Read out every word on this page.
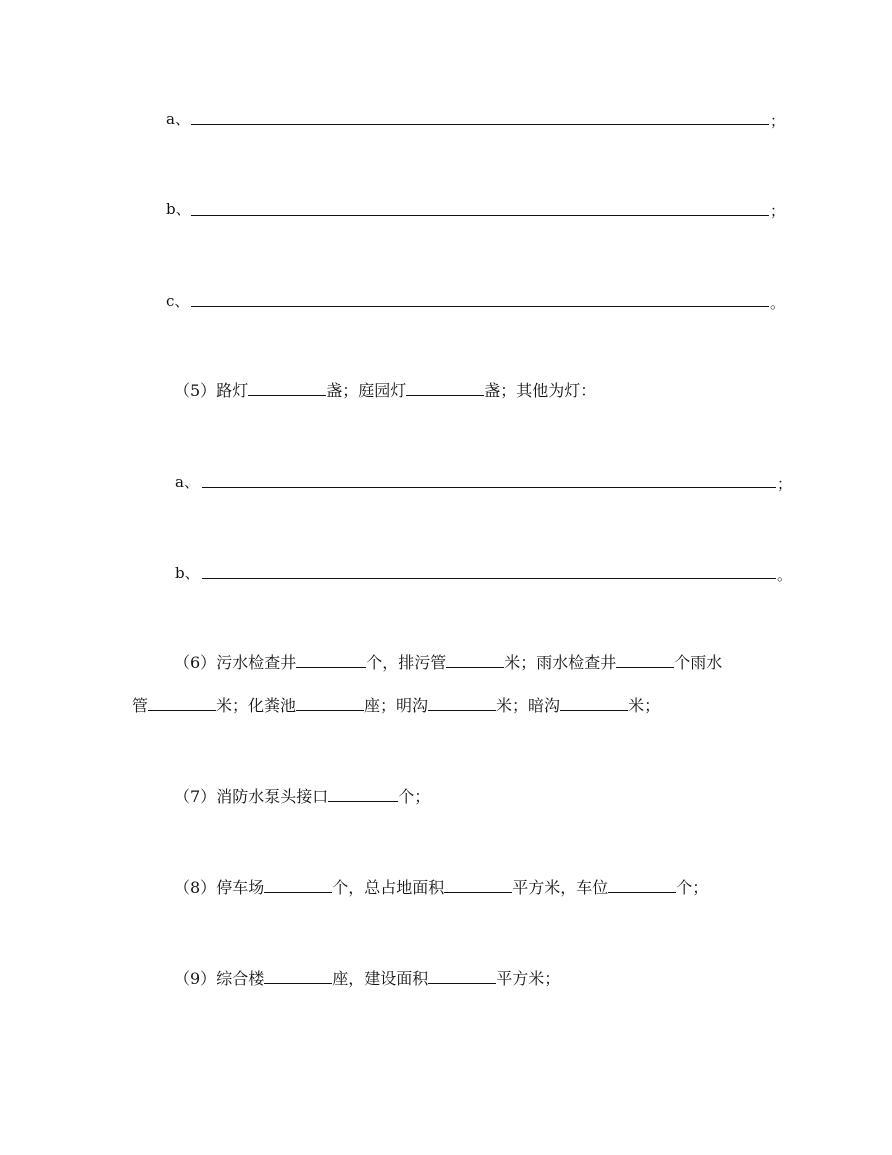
a、	；
b、	；
c、	。
（5）路灯	盏；庭园灯	盏；其他为灯：
a、	；
b、	。
（6）污水检查井	个，排污管	米；雨水检查井	个雨水
管	米；化粪池	座；明沟	米；暗沟	米；
（7）消防水泵头接口	个；
（8）停车场	个，总占地面积	平方米，车位	个；
（9）综合楼	座，建设面积	平方米；
